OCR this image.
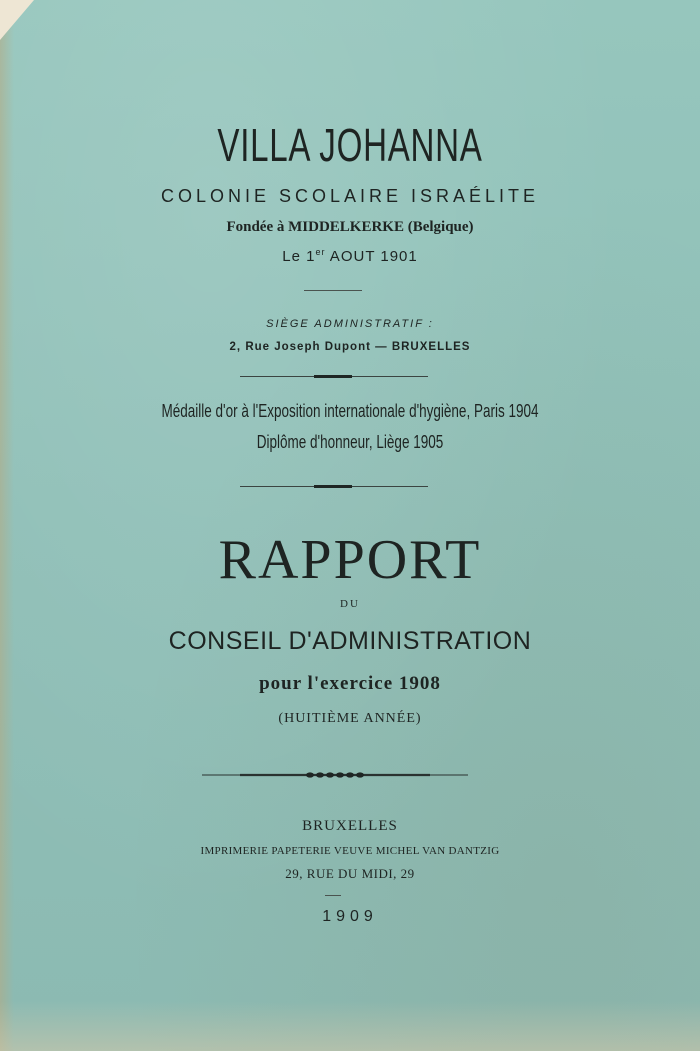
VILLA JOHANNA
COLONIE SCOLAIRE ISRAÉLITE
Fondée à MIDDELKERKE (Belgique)
Le 1er AOUT 1901
SIÈGE ADMINISTRATIF :
2, Rue Joseph Dupont — BRUXELLES
Médaille d'or à l'Exposition internationale d'hygiène, Paris 1904
Diplôme d'honneur, Liège 1905
RAPPORT
DU
CONSEIL D'ADMINISTRATION
pour l'exercice 1908
(HUITIÈME ANNÉE)
BRUXELLES
IMPRIMERIE PAPETERIE VEUVE MICHEL VAN DANTZIG
29, RUE DU MIDI, 29
1909
